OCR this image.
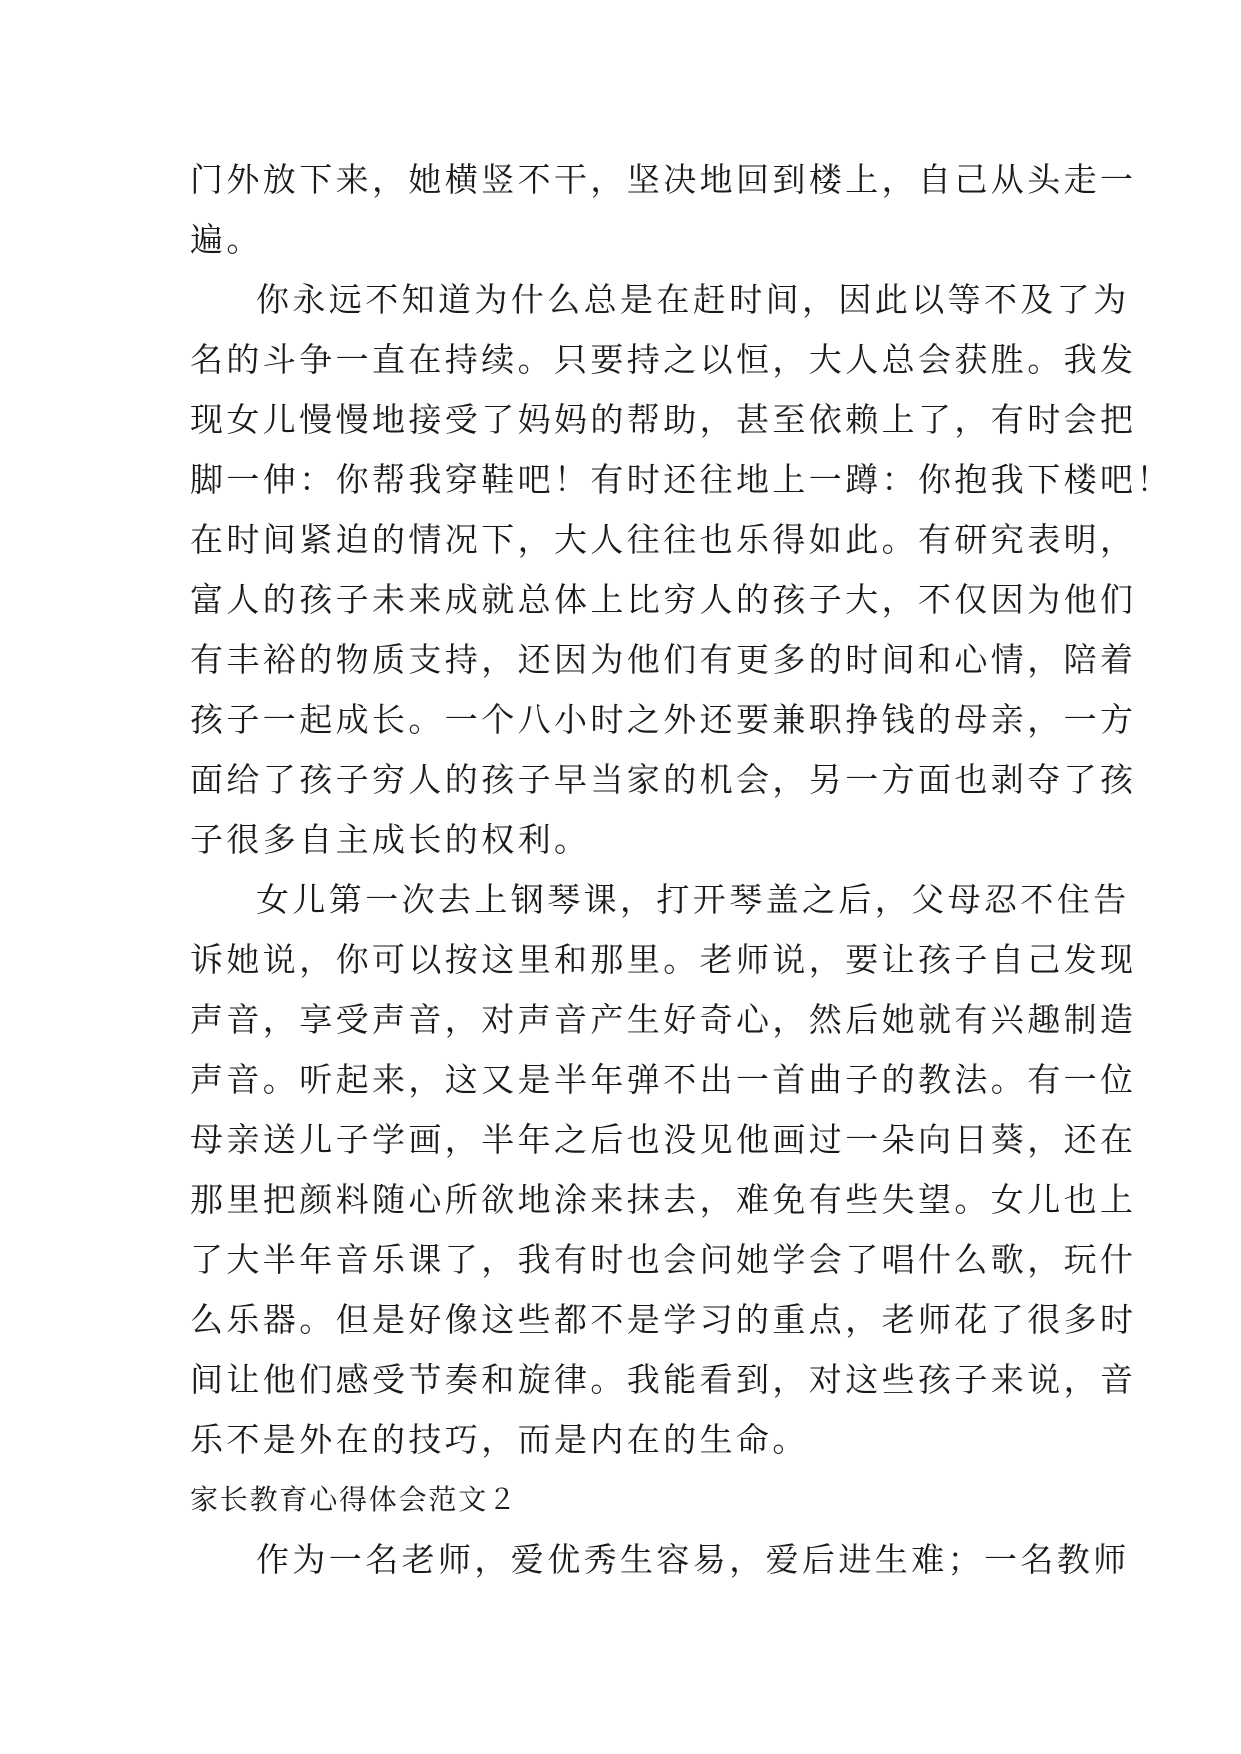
门外放下来，她横竖不干，坚决地回到楼上，自己从头走一
遍。
你永远不知道为什么总是在赶时间，因此以等不及了为
名的斗争一直在持续。只要持之以恒，大人总会获胜。我发
现女儿慢慢地接受了妈妈的帮助，甚至依赖上了，有时会把
脚一伸：你帮我穿鞋吧！有时还往地上一蹲：你抱我下楼吧！
在时间紧迫的情况下，大人往往也乐得如此。有研究表明，
富人的孩子未来成就总体上比穷人的孩子大，不仅因为他们
有丰裕的物质支持，还因为他们有更多的时间和心情，陪着
孩子一起成长。一个八小时之外还要兼职挣钱的母亲，一方
面给了孩子穷人的孩子早当家的机会，另一方面也剥夺了孩
子很多自主成长的权利。
女儿第一次去上钢琴课，打开琴盖之后，父母忍不住告
诉她说，你可以按这里和那里。老师说，要让孩子自己发现
声音，享受声音，对声音产生好奇心，然后她就有兴趣制造
声音。听起来，这又是半年弹不出一首曲子的教法。有一位
母亲送儿子学画，半年之后也没见他画过一朵向日葵，还在
那里把颜料随心所欲地涂来抹去，难免有些失望。女儿也上
了大半年音乐课了，我有时也会问她学会了唱什么歌，玩什
么乐器。但是好像这些都不是学习的重点，老师花了很多时
间让他们感受节奏和旋律。我能看到，对这些孩子来说，音
乐不是外在的技巧，而是内在的生命。
家长教育心得体会范文２
作为一名老师，爱优秀生容易，爱后进生难；一名教师
